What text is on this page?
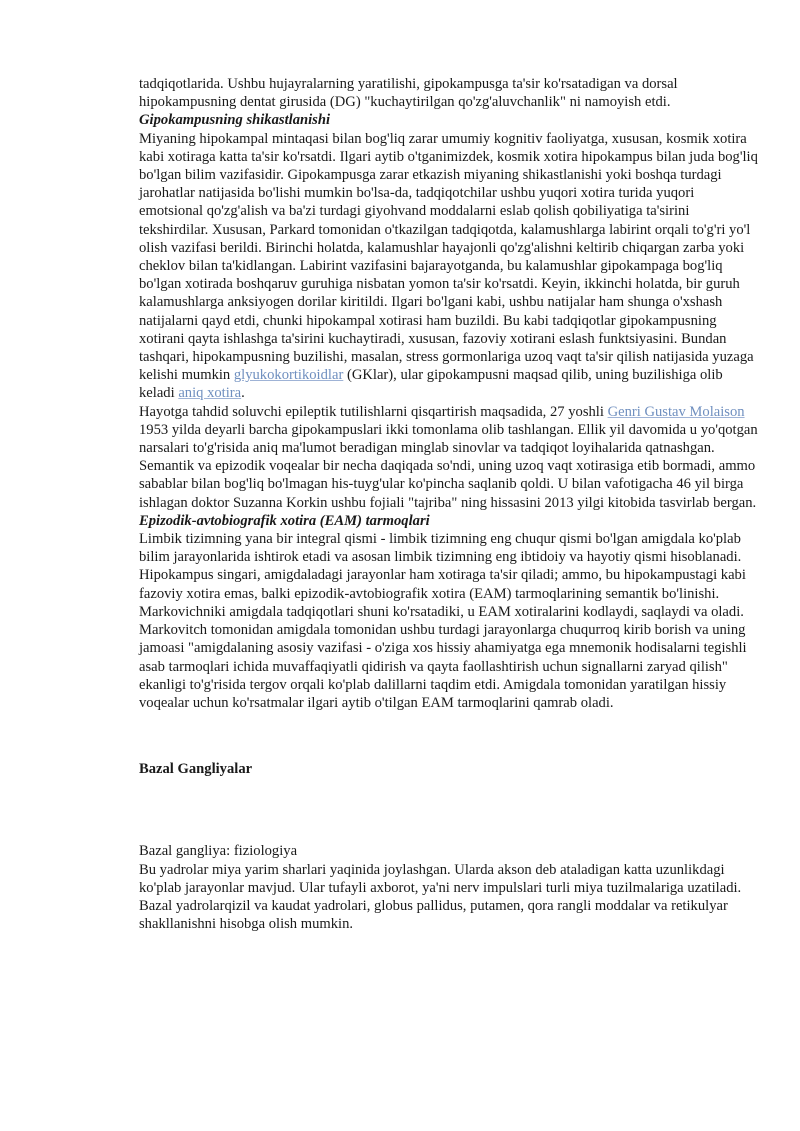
tadqiqotlarida. Ushbu hujayralarning yaratilishi, gipokampusga ta'sir ko'rsatadigan va dorsal hipokampusning dentat girusida (DG) "kuchaytirilgan qo'zg'aluvchanlik" ni namoyish etdi.

Gipokampusning shikastlanishi

Miyaning hipokampal mintaqasi bilan bog'liq zarar umumiy kognitiv faoliyatga, xususan, kosmik xotira kabi xotiraga katta ta'sir ko'rsatdi. Ilgari aytib o'tganimizdek, kosmik xotira hipokampus bilan juda bog'liq bo'lgan bilim vazifasidir. Gipokampusga zarar etkazish miyaning shikastlanishi yoki boshqa turdagi jarohatlar natijasida bo'lishi mumkin bo'lsa-da, tadqiqotchilar ushbu yuqori xotira turida yuqori emotsional qo'zg'alish va ba'zi turdagi giyohvand moddalarni eslab qolish qobiliyatiga ta'sirini tekshirdilar. Xususan, Parkard tomonidan o'tkazilgan tadqiqotda, kalamushlarga labirint orqali to'g'ri yo'l olish vazifasi berildi. Birinchi holatda, kalamushlar hayajonli qo'zg'alishni keltirib chiqargan zarba yoki cheklov bilan ta'kidlangan. Labirint vazifasini bajarayotganda, bu kalamushlar gipokampaga bog'liq bo'lgan xotirada boshqaruv guruhiga nisbatan yomon ta'sir ko'rsatdi. Keyin, ikkinchi holatda, bir guruh kalamushlarga anksiyogen dorilar kiritildi. Ilgari bo'lgani kabi, ushbu natijalar ham shunga o'xshash natijalarni qayd etdi, chunki hipokampal xotirasi ham buzildi. Bu kabi tadqiqotlar gipokampusning xotirani qayta ishlashga ta'sirini kuchaytiradi, xususan, fazoviy xotirani eslash funktsiyasini. Bundan tashqari, hipokampusning buzilishi, masalan, stress gormonlariga uzoq vaqt ta'sir qilish natijasida yuzaga kelishi mumkin glyukokortikoidlar (GKlar), ular gipokampusni maqsad qilib, uning buzilishiga olib keladi aniq xotira.

Hayotga tahdid soluvchi epileptik tutilishlarni qisqartirish maqsadida, 27 yoshli Genri Gustav Molaison 1953 yilda deyarli barcha gipokampuslari ikki tomonlama olib tashlangan. Ellik yil davomida u yo'qotgan narsalari to'g'risida aniq ma'lumot beradigan minglab sinovlar va tadqiqot loyihalarida qatnashgan. Semantik va epizodik voqealar bir necha daqiqada so'ndi, uning uzoq vaqt xotirasiga etib bormadi, ammo sabablar bilan bog'liq bo'lmagan his-tuyg'ular ko'pincha saqlanib qoldi. U bilan vafotigacha 46 yil birga ishlagan doktor Suzanna Korkin ushbu fojiali "tajriba" ning hissasini 2013 yilgi kitobida tasvirlab bergan.

Epizodik-avtobiografik xotira (EAM) tarmoqlari

Limbik tizimning yana bir integral qismi - limbik tizimning eng chuqur qismi bo'lgan amigdala ko'plab bilim jarayonlarida ishtirok etadi va asosan limbik tizimning eng ibtidoiy va hayotiy qismi hisoblanadi. Hipokampus singari, amigdaladagi jarayonlar ham xotiraga ta'sir qiladi; ammo, bu hipokampustagi kabi fazoviy xotira emas, balki epizodik-avtobiografik xotira (EAM) tarmoqlarining semantik bo'linishi. Markovichniki amigdala tadqiqotlari shuni ko'rsatadiki, u EAM xotiralarini kodlaydi, saqlaydi va oladi. Markovitch tomonidan amigdala tomonidan ushbu turdagi jarayonlarga chuqurroq kirib borish va uning jamoasi "amigdalaning asosiy vazifasi - o'ziga xos hissiy ahamiyatga ega mnemonik hodisalarni tegishli asab tarmoqlari ichida muvaffaqiyatli qidirish va qayta faollashtirish uchun signallarni zaryad qilish" ekanligi to'g'risida tergov orqali ko'plab dalillarni taqdim etdi. Amigdala tomonidan yaratilgan hissiy voqealar uchun ko'rsatmalar ilgari aytib o'tilgan EAM tarmoqlarini qamrab oladi.

Bazal Gangliyalar

Bazal gangliya: fiziologiya

Bu yadrolar miya yarim sharlari yaqinida joylashgan. Ularda akson deb ataladigan katta uzunlikdagi ko'plab jarayonlar mavjud. Ular tufayli axborot, ya'ni nerv impulslari turli miya tuzilmalariga uzatiladi.

Bazal yadrolarqizil va kaudat yadrolari, globus pallidus, putamen, qora rangli moddalar va retikulyar shakllanishni hisobga olish mumkin.
